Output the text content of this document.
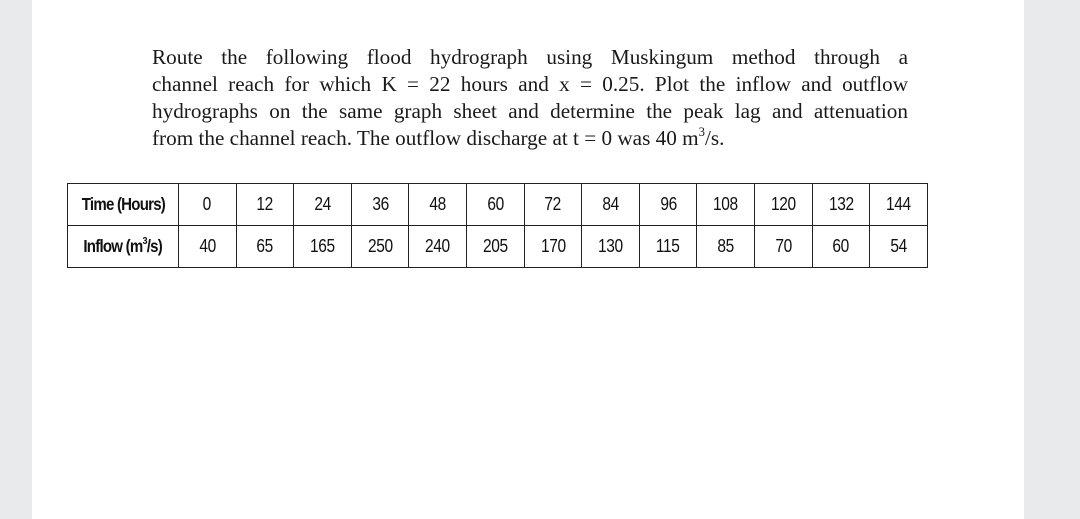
Route the following flood hydrograph using Muskingum method through a
channel reach for which K = 22 hours and x = 0.25. Plot the inflow and outflow
hydrographs on the same graph sheet and determine the peak lag and attenuation
from the channel reach. The outflow discharge at t = 0 was 40 $m^3/s$.

Time (Hours)	0	12	24	36	48	60	72	84	96	108	120	132	144
Inflow $(m^3/s)$	40	65	165	250	240	205	170	130	115	85	70	60	54
